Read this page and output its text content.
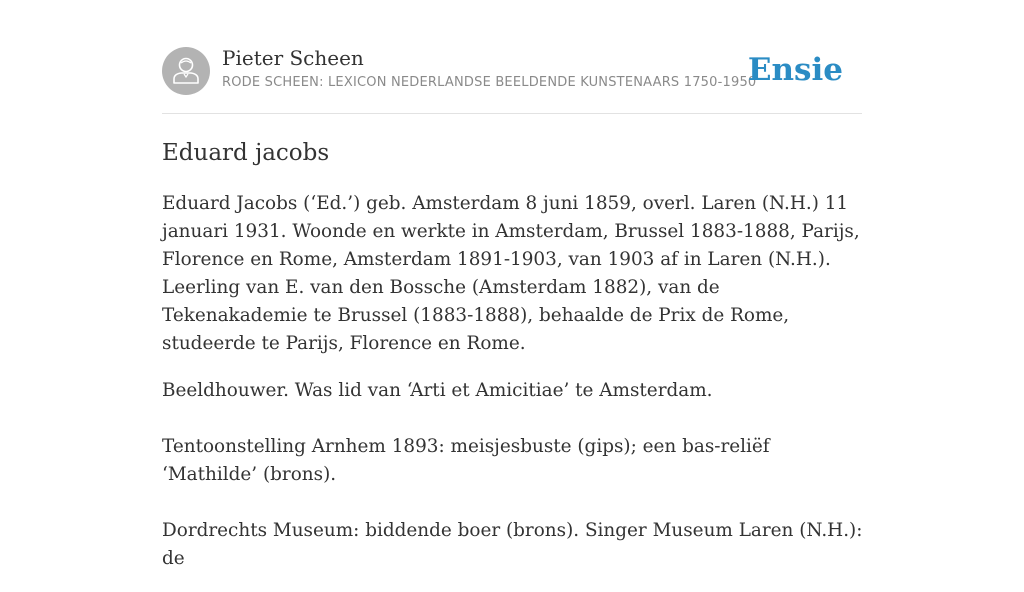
Pieter Scheen
RODE SCHEEN: LEXICON NEDERLANDSE BEELDENDE KUNSTENAARS 1750-1950
Ensie
Eduard jacobs

Eduard Jacobs (‘Ed.’) geb. Amsterdam 8 juni 1859, overl. Laren (N.H.) 11 januari 1931. Woonde en werkte in Amsterdam, Brussel 1883-1888, Parijs, Florence en Rome, Amsterdam 1891-1903, van 1903 af in Laren (N.H.). Leerling van E. van den Bossche (Amsterdam 1882), van de Tekenakademie te Brussel (1883-1888), behaalde de Prix de Rome, studeerde te Parijs, Florence en Rome.

Beeldhouwer. Was lid van ‘Arti et Amicitiae’ te Amsterdam.

Tentoonstelling Arnhem 1893: meisjesbuste (gips); een bas-reliëf ‘Mathilde’ (brons).

Dordrechts Museum: biddende boer (brons). Singer Museum Laren (N.H.): de
